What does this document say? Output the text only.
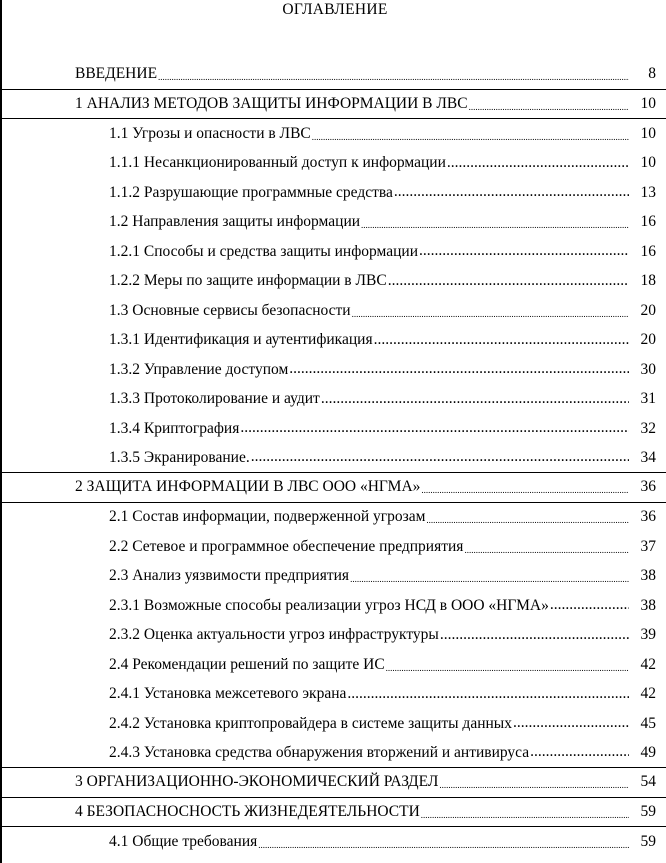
ОГЛАВЛЕНИЕ
ВВЕДЕНИЕ .....	8
1 АНАЛИЗ МЕТОДОВ ЗАЩИТЫ ИНФОРМАЦИИ В ЛВС .....	10
1.1 Угрозы и опасности в ЛВС .....	10
1.1.1 Несанкционированный доступ к информации .....	10
1.1.2 Разрушающие программные средства .....	13
1.2 Направления защиты информации .....	16
1.2.1 Способы и средства защиты информации .....	16
1.2.2 Меры по защите информации в ЛВС .....	18
1.3 Основные сервисы безопасности .....	20
1.3.1 Идентификация и аутентификация .....	20
1.3.2 Управление доступом .....	30
1.3.3 Протоколирование и аудит .....	31
1.3.4 Криптография .....	32
1.3.5 Экранирование. .....	34
2 ЗАЩИТА ИНФОРМАЦИИ В ЛВС ООО «НГМА» .....	36
2.1 Состав информации, подверженной угрозам .....	36
2.2 Сетевое и программное обеспечение предприятия .....	37
2.3 Анализ уязвимости предприятия .....	38
2.3.1 Возможные способы реализации угроз НСД в ООО «НГМА» .....	38
2.3.2 Оценка актуальности угроз инфраструктуры .....	39
2.4 Рекомендации решений по защите ИС .....	42
2.4.1 Установка межсетевого экрана .....	42
2.4.2 Установка криптопровайдера в системе защиты данных .....	45
2.4.3 Установка средства обнаружения вторжений и антивируса .....	49
3 ОРГАНИЗАЦИОННО-ЭКОНОМИЧЕСКИЙ РАЗДЕЛ .....	54
4 БЕЗОПАСНОСНОСТЬ ЖИЗНЕДЕЯТЕЛЬНОСТИ .....	59
4.1 Общие требования .....	59
